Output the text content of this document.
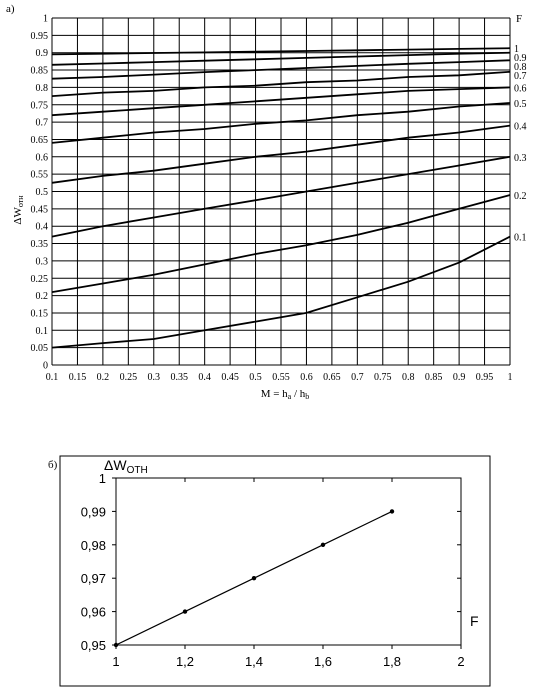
а)
0
0.05
0.1
0.15
0.2
0.25
0.3
0.35
0.4
0.45
0.5
0.55
0.6
0.65
0.7
0.75
0.8
0.85
0.9
0.95
1
0.1 0.15 0.2 0.25 0.3 0.35 0.4 0.45 0.5 0.55 0.6 0.65 0.7 0.75 0.8 0.85 0.9 0.95 1
1
0.9
0.8
0.7
0.6
0.5
0.4
0.3
0.2
0.1
F
ΔWотн
M = ha / hb
б)	$\Delta W_{ОТН}$
0,95
0,96
0,97
0,98
0,99
1
1	1,2	1,4	1,6	1,8	2
F
